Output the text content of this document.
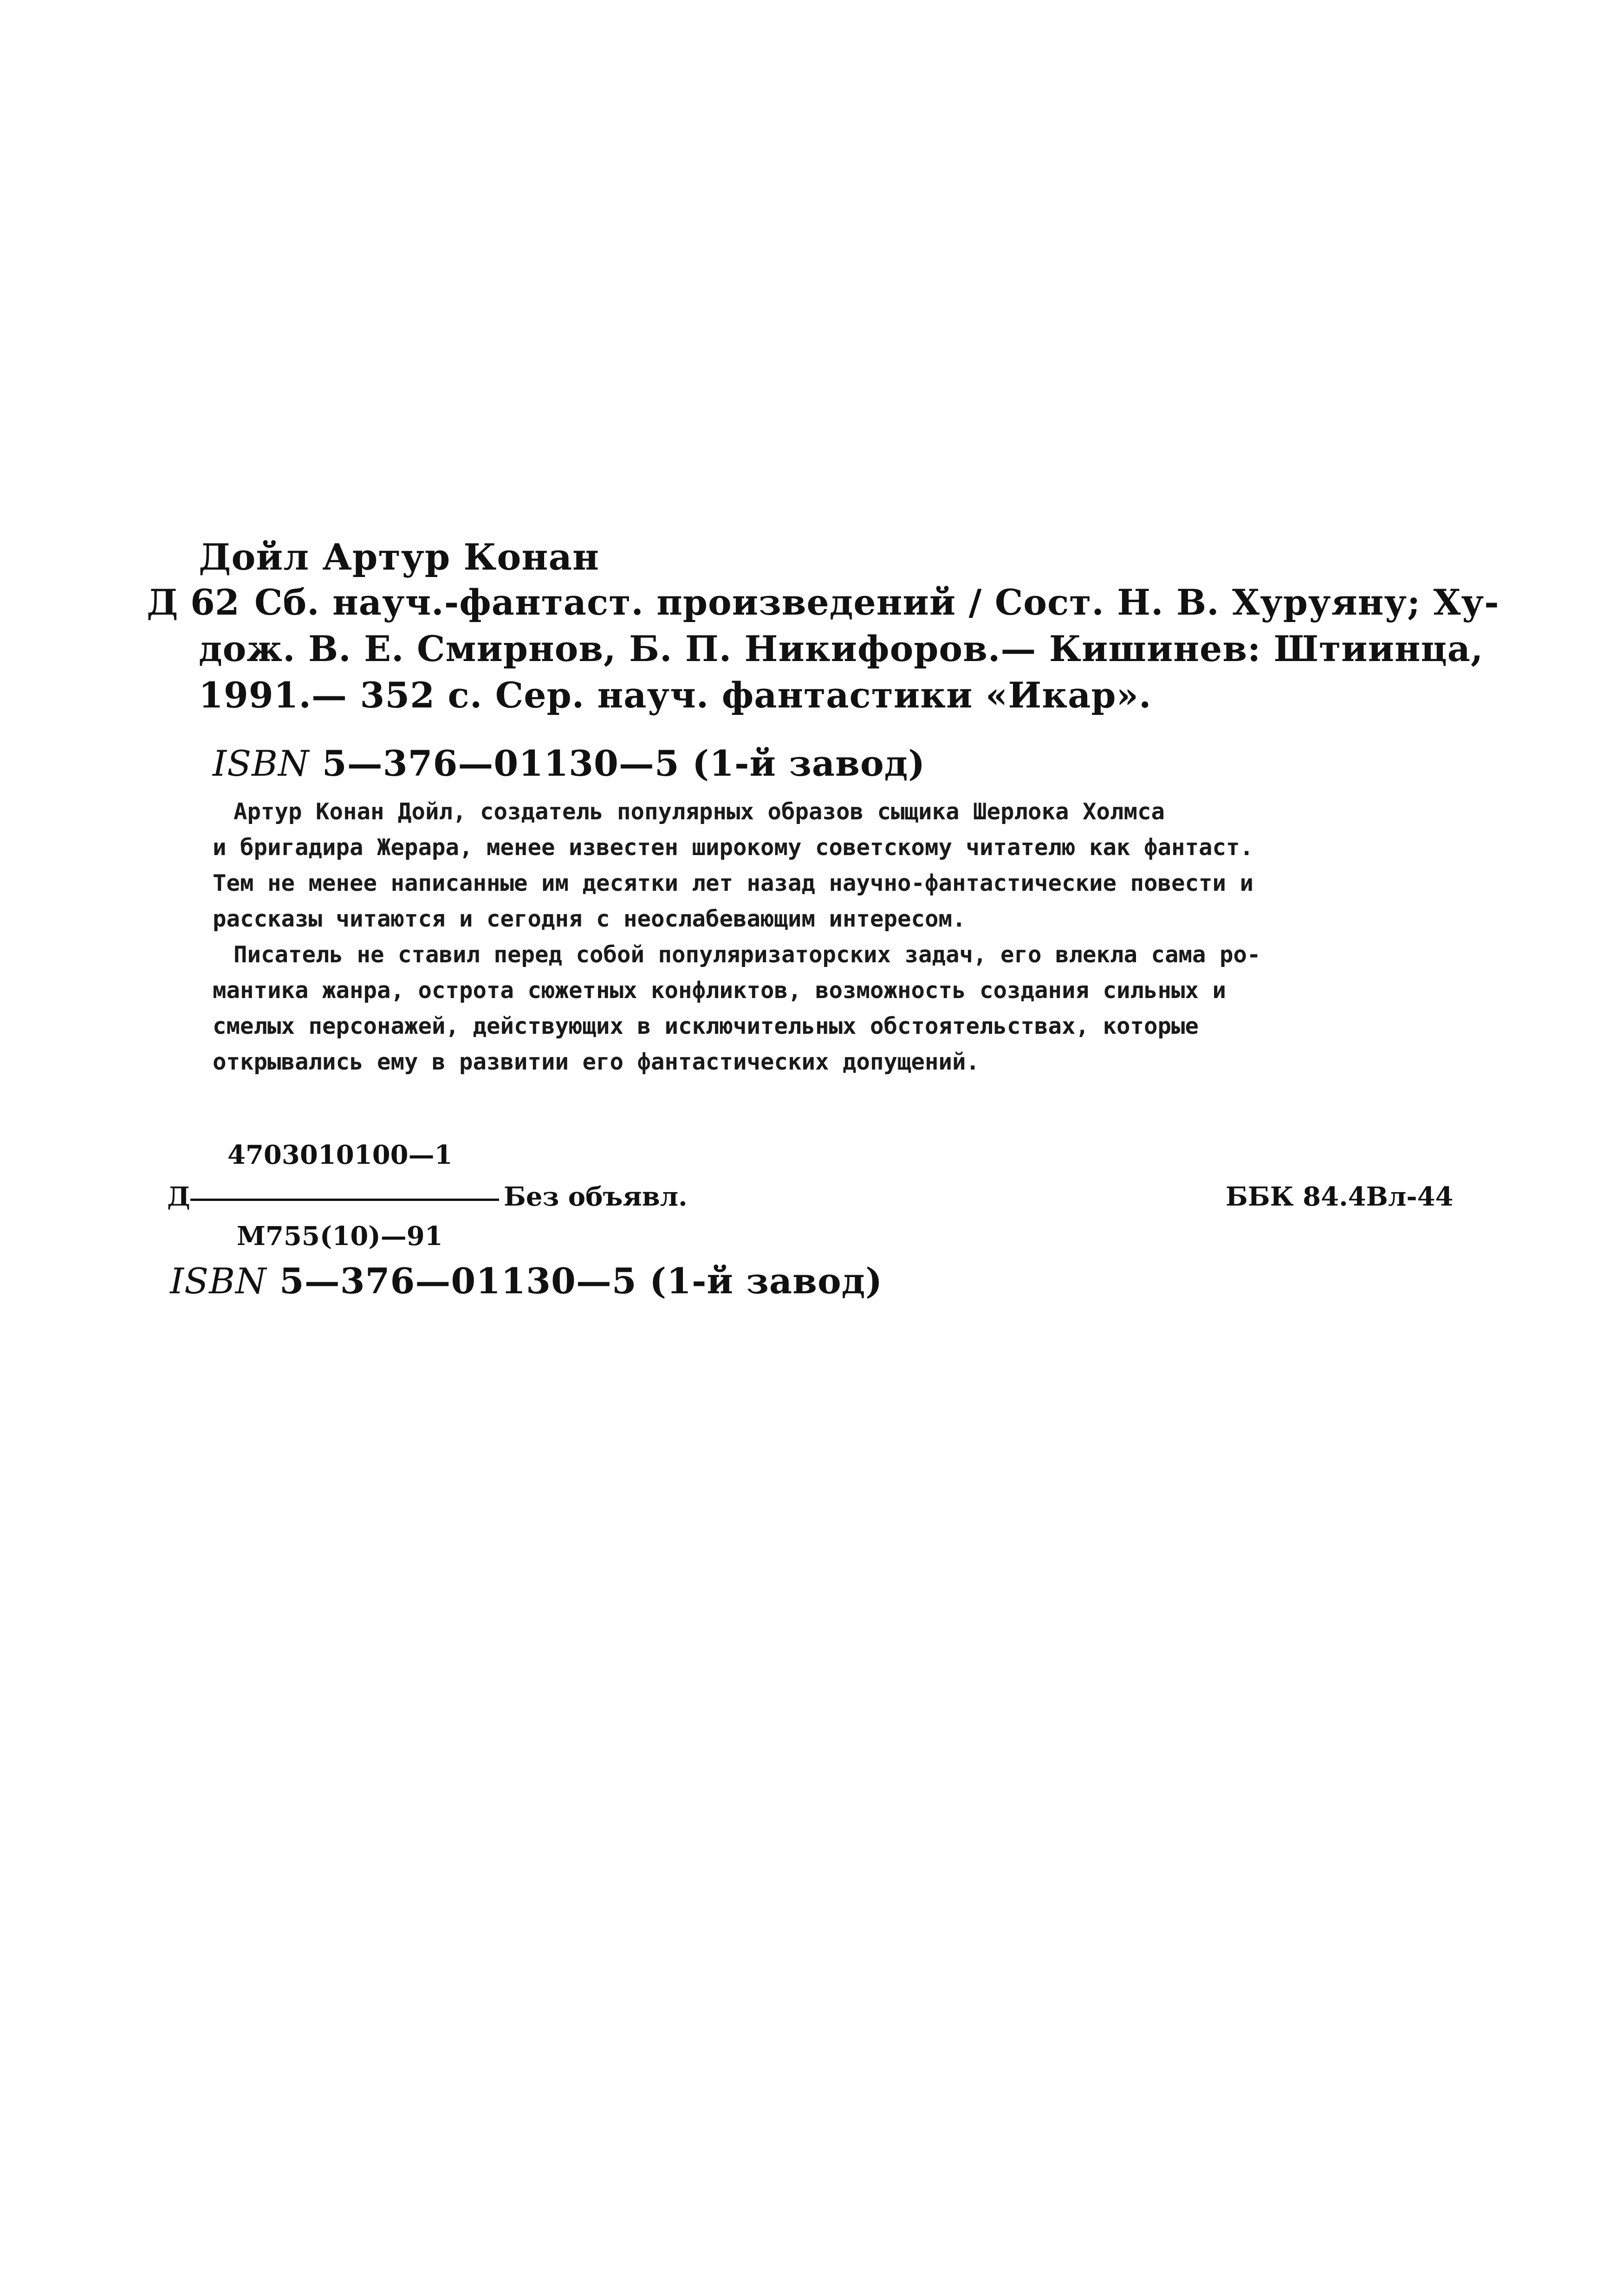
Дойл Артур Конан
Д 62 Сб. науч.-фантаст. произведений / Сост. Н. В. Хуруяну; Ху-
дож. В. Е. Смирнов, Б. П. Никифоров.— Кишинев: Штиинца,
1991.— 352 с. Сер. науч. фантастики «Икар».
ISBN 5—376—01130—5 (1-й завод)
Артур Конан Дойл, создатель популярных образов сыщика Шерлока Холмса
и бригадира Жерара, менее известен широкому советскому читателю как фантаст.
Тем не менее написанные им десятки лет назад научно-фантастические повести и
рассказы читаются и сегодня с неослабевающим интересом.
Писатель не ставил перед собой популяризаторских задач, его влекла сама ро-
мантика жанра, острота сюжетных конфликтов, возможность создания сильных и
смелых персонажей, действующих в исключительных обстоятельствах, которые
открывались ему в развитии его фантастических допущений.
4703010100—1
Д	Без объявл.	ББК 84.4Вл-44
М755(10)—91
ISBN 5—376—01130—5 (1-й завод)
